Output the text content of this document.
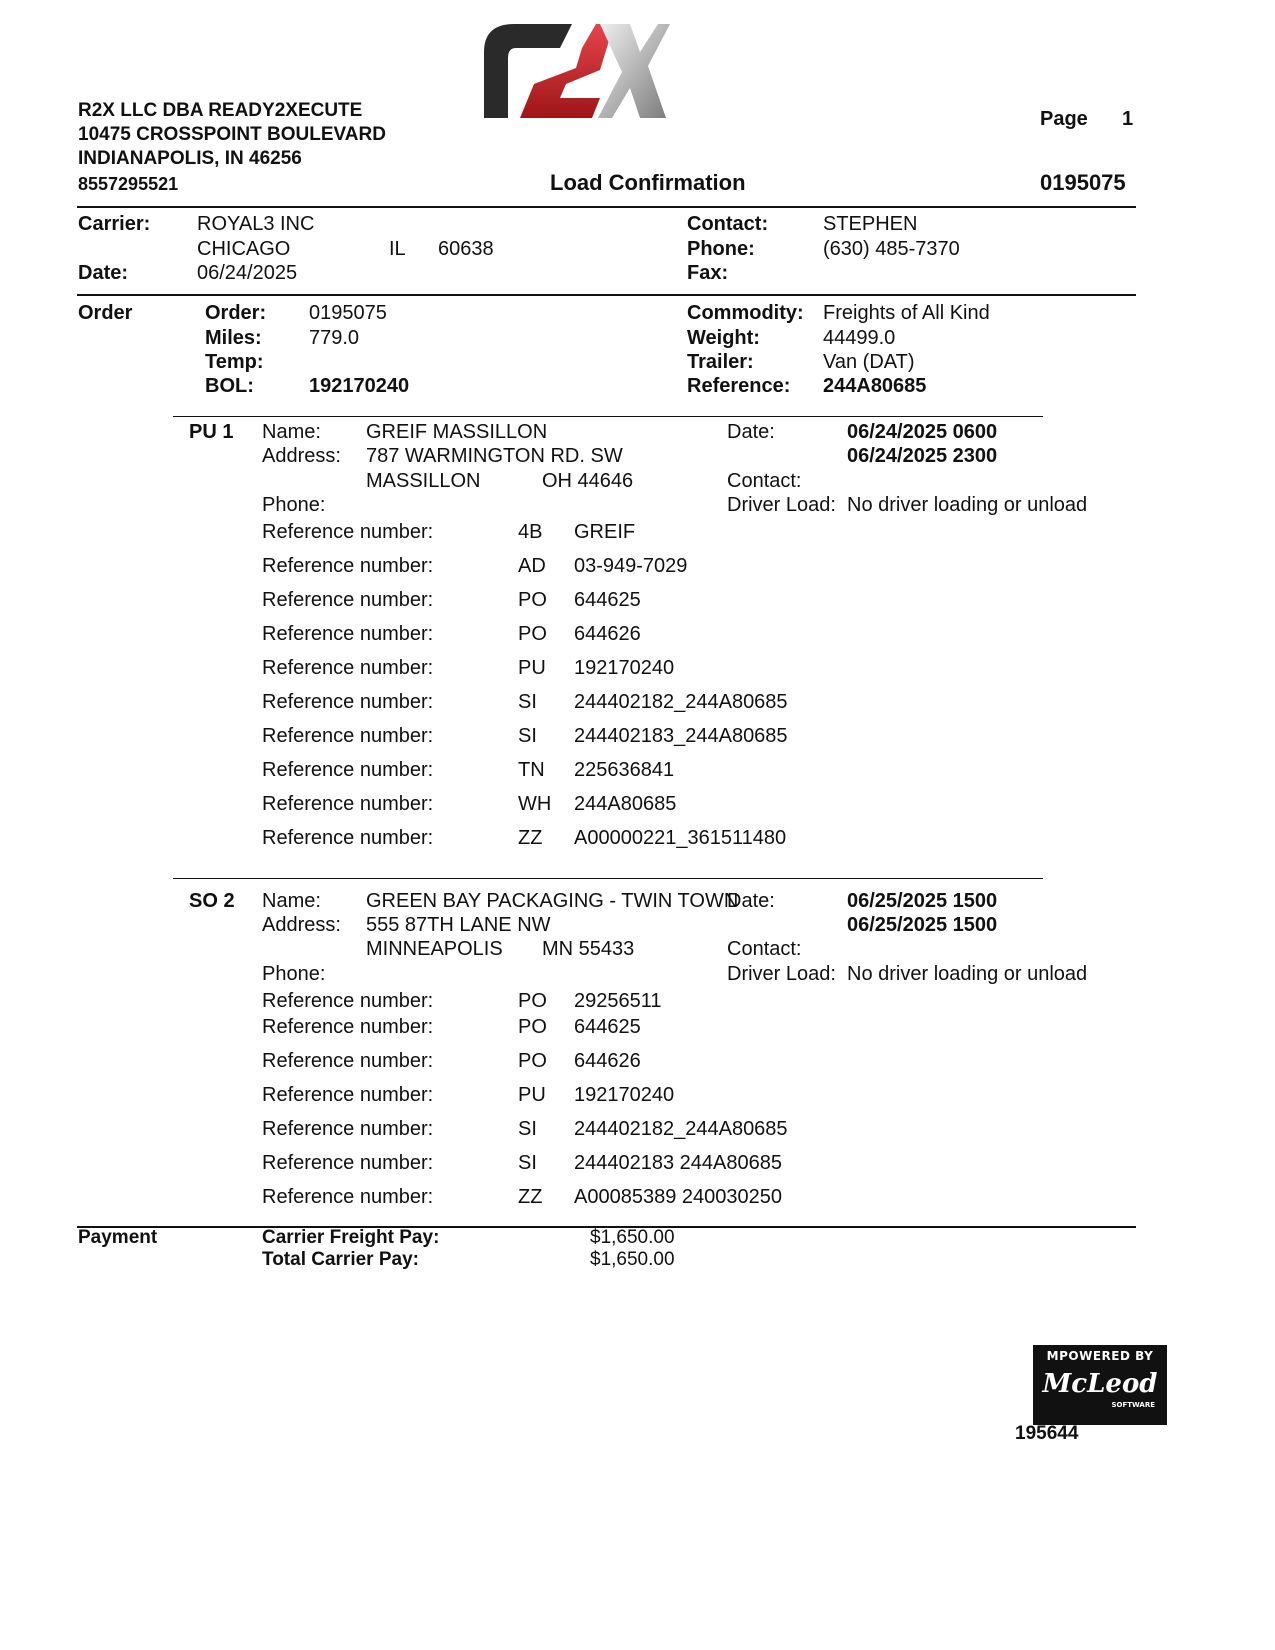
R2X LLC DBA READY2XECUTE
10475 CROSSPOINT BOULEVARD
INDIANAPOLIS, IN 46256
8557295521
Page 1
Load Confirmation	0195075
Carrier: ROYAL3 INC
CHICAGO	IL 60638
Date:	06/24/2025
Contact:	STEPHEN
Phone:	(630) 485-7370
Fax:
Order	Order: 0195075
Miles: 779.0
Temp:
BOL:	192170240
Commodity: Freights of All Kind
Weight:	44499.0
Trailer:	Van (DAT)
Reference: 244A80685
PU 1 Name: GREIF MASSILLON
Address: 787 WARMINGTON RD. SW
MASSILLON	OH 44646
Phone:
Date:	06/24/2025 0600
06/24/2025 2300
Contact:
Driver Load: No driver loading or unload
Reference number:	4B GREIF
Reference number:	AD 03-949-7029
Reference number:	PO 644625
Reference number:	PO 644626
Reference number:	PU 192170240
Reference number:	SI 244402182_244A80685
Reference number:	SI 244402183_244A80685
Reference number:	TN 225636841
Reference number:	WH 244A80685
Reference number:	ZZ A00000221_361511480
SO 2 Name: GREEN BAY PACKAGING - TWIN TOWN
Address: 555 87TH LANE NW
MINNEAPOLIS MN 55433
Phone:
Date:	06/25/2025 1500
06/25/2025 1500
Contact:
Driver Load: No driver loading or unload
Reference number:	PO 29256511
Reference number:	PO 644625
Reference number:	PO 644626
Reference number:	PU 192170240
Reference number:	SI 244402182_244A80685
Reference number:	SI 244402183 244A80685
Reference number:	ZZ A00085389 240030250
Payment	Carrier Freight Pay:	$1,650.00
Total Carrier Pay:	$1,650.00
MPOWERED BY
McLeod
SOFTWARE
195644
